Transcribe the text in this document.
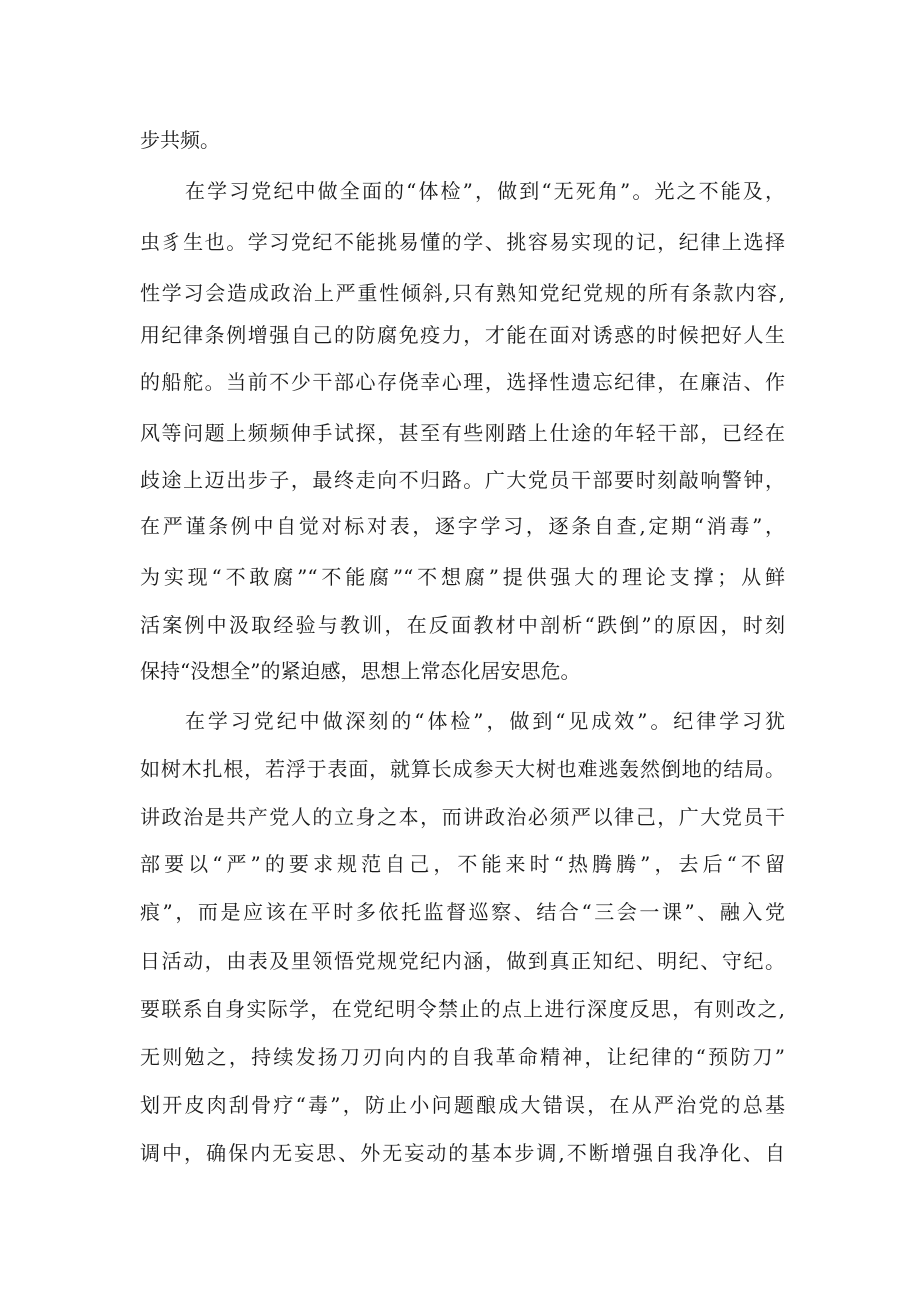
步共频。

在学习党纪中做全面的“体检”，做到“无死角”。光之不能及，

虫豸生也。学习党纪不能挑易懂的学、挑容易实现的记，纪律上选择

性学习会造成政治上严重性倾斜,只有熟知党纪党规的所有条款内容,

用纪律条例增强自己的防腐免疫力，才能在面对诱惑的时候把好人生

的船舵。当前不少干部心存侥幸心理，选择性遗忘纪律，在廉洁、作

风等问题上频频伸手试探，甚至有些刚踏上仕途的年轻干部，已经在

歧途上迈出步子，最终走向不归路。广大党员干部要时刻敲响警钟，

在严谨条例中自觉对标对表，逐字学习，逐条自查,定期“消毒”，

为实现“不敢腐”“不能腐”“不想腐”提供强大的理论支撑；从鲜

活案例中汲取经验与教训，在反面教材中剖析“跌倒”的原因，时刻

保持“没想全”的紧迫感，思想上常态化居安思危。

在学习党纪中做深刻的“体检”，做到“见成效”。纪律学习犹

如树木扎根，若浮于表面，就算长成参天大树也难逃轰然倒地的结局。

讲政治是共产党人的立身之本，而讲政治必须严以律己，广大党员干

部要以“严”的要求规范自己，不能来时“热腾腾”，去后“不留

痕”，而是应该在平时多依托监督巡察、结合“三会一课”、融入党

日活动，由表及里领悟党规党纪内涵，做到真正知纪、明纪、守纪。

要联系自身实际学，在党纪明令禁止的点上进行深度反思，有则改之,

无则勉之，持续发扬刀刃向内的自我革命精神，让纪律的“预防刀”

划开皮肉刮骨疗“毒”，防止小问题酿成大错误，在从严治党的总基

调中，确保内无妄思、外无妄动的基本步调,不断增强自我净化、自
